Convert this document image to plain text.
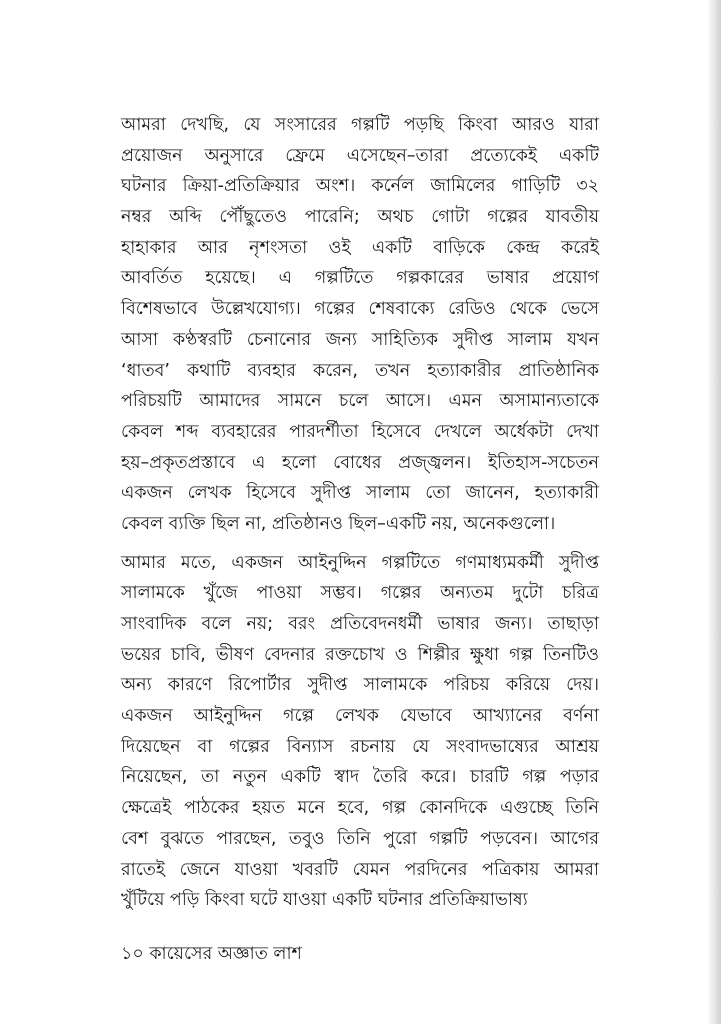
আমরা দেখছি, যে সংসারের গল্পটি পড়ছি কিংবা আরও যারা
প্রয়োজন অনুসারে ফ্রেমে এসেছেন–তারা প্রত্যেকেই একটি
ঘটনার ক্রিয়া-প্রতিক্রিয়ার অংশ। কর্নেল জামিলের গাড়িটি ৩২
নম্বর অব্দি পৌঁছুতেও পারেনি; অথচ গোটা গল্পের যাবতীয়
হাহাকার আর নৃশংসতা ওই একটি বাড়িকে কেন্দ্র করেই
আবর্তিত হয়েছে। এ গল্পটিতে গল্পকারের ভাষার প্রয়োগ
বিশেষভাবে উল্লেখযোগ্য। গল্পের শেষবাক্যে রেডিও থেকে ভেসে
আসা কণ্ঠস্বরটি চেনানোর জন্য সাহিত্যিক সুদীপ্ত সালাম যখন
‘ধাতব’ কথাটি ব্যবহার করেন, তখন হত্যাকারীর প্রাতিষ্ঠানিক
পরিচয়টি আমাদের সামনে চলে আসে। এমন অসামান্যতাকে
কেবল শব্দ ব্যবহারের পারদর্শীতা হিসেবে দেখলে অর্ধেকটা দেখা
হয়–প্রকৃতপ্রস্তাবে এ হলো বোধের প্রজ্জ্বলন। ইতিহাস-সচেতন
একজন লেখক হিসেবে সুদীপ্ত সালাম তো জানেন, হত্যাকারী
কেবল ব্যক্তি ছিল না, প্রতিষ্ঠানও ছিল–একটি নয়, অনেকগুলো।

আমার মতে, একজন আইনুদ্দিন গল্পটিতে গণমাধ্যমকর্মী সুদীপ্ত
সালামকে খুঁজে পাওয়া সম্ভব। গল্পের অন্যতম দুটো চরিত্র
সাংবাদিক বলে নয়; বরং প্রতিবেদনধর্মী ভাষার জন্য। তাছাড়া
ভয়ের চাবি, ভীষণ বেদনার রক্তচোখ ও শিল্পীর ক্ষুধা গল্প তিনটিও
অন্য কারণে রিপোর্টার সুদীপ্ত সালামকে পরিচয় করিয়ে দেয়।
একজন আইনুদ্দিন গল্পে লেখক যেভাবে আখ্যানের বর্ণনা
দিয়েছেন বা গল্পের বিন্যাস রচনায় যে সংবাদভাষ্যের আশ্রয়
নিয়েছেন, তা নতুন একটি স্বাদ তৈরি করে। চারটি গল্প পড়ার
ক্ষেত্রেই পাঠকের হয়ত মনে হবে, গল্প কোনদিকে এগুচ্ছে তিনি
বেশ বুঝতে পারছেন, তবুও তিনি পুরো গল্পটি পড়বেন। আগের
রাতেই জেনে যাওয়া খবরটি যেমন পরদিনের পত্রিকায় আমরা
খুঁটিয়ে পড়ি কিংবা ঘটে যাওয়া একটি ঘটনার প্রতিক্রিয়াভাষ্য

১০ কায়েসের অজ্ঞাত লাশ
